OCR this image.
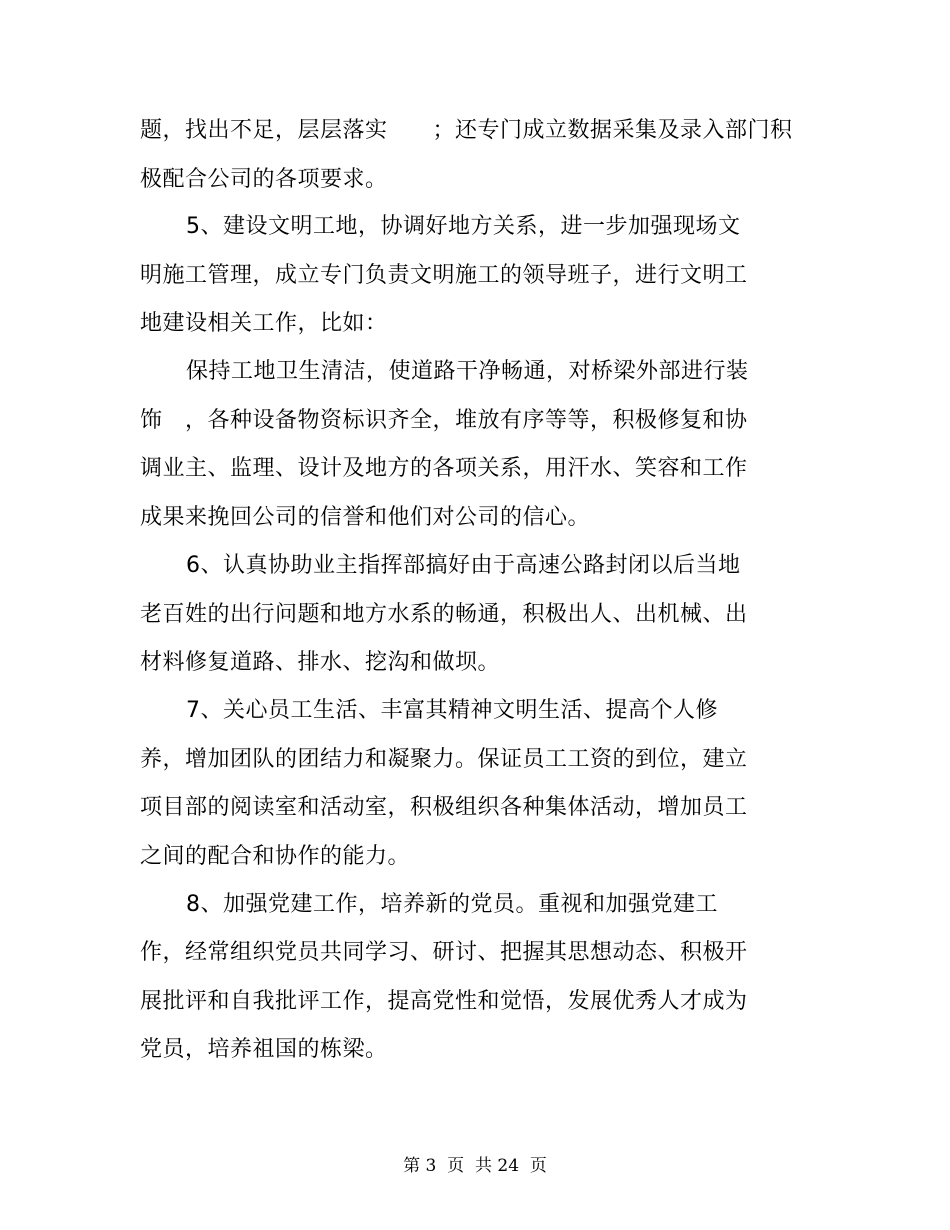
题，找出不足，层层落实　　；还专门成立数据采集及录入部门积
极配合公司的各项要求。
5、建设文明工地，协调好地方关系，进一步加强现场文
明施工管理，成立专门负责文明施工的领导班子，进行文明工
地建设相关工作，比如：
保持工地卫生清洁，使道路干净畅通，对桥梁外部进行装
饰　，各种设备物资标识齐全，堆放有序等等，积极修复和协
调业主、监理、设计及地方的各项关系，用汗水、笑容和工作
成果来挽回公司的信誉和他们对公司的信心。
6、认真协助业主指挥部搞好由于高速公路封闭以后当地
老百姓的出行问题和地方水系的畅通，积极出人、出机械、出
材料修复道路、排水、挖沟和做坝。
7、关心员工生活、丰富其精神文明生活、提高个人修
养，增加团队的团结力和凝聚力。保证员工工资的到位，建立
项目部的阅读室和活动室，积极组织各种集体活动，增加员工
之间的配合和协作的能力。
8、加强党建工作，培养新的党员。重视和加强党建工
作，经常组织党员共同学习、研讨、把握其思想动态、积极开
展批评和自我批评工作，提高党性和觉悟，发展优秀人才成为
党员，培养祖国的栋梁。
第 3  页  共 24  页
